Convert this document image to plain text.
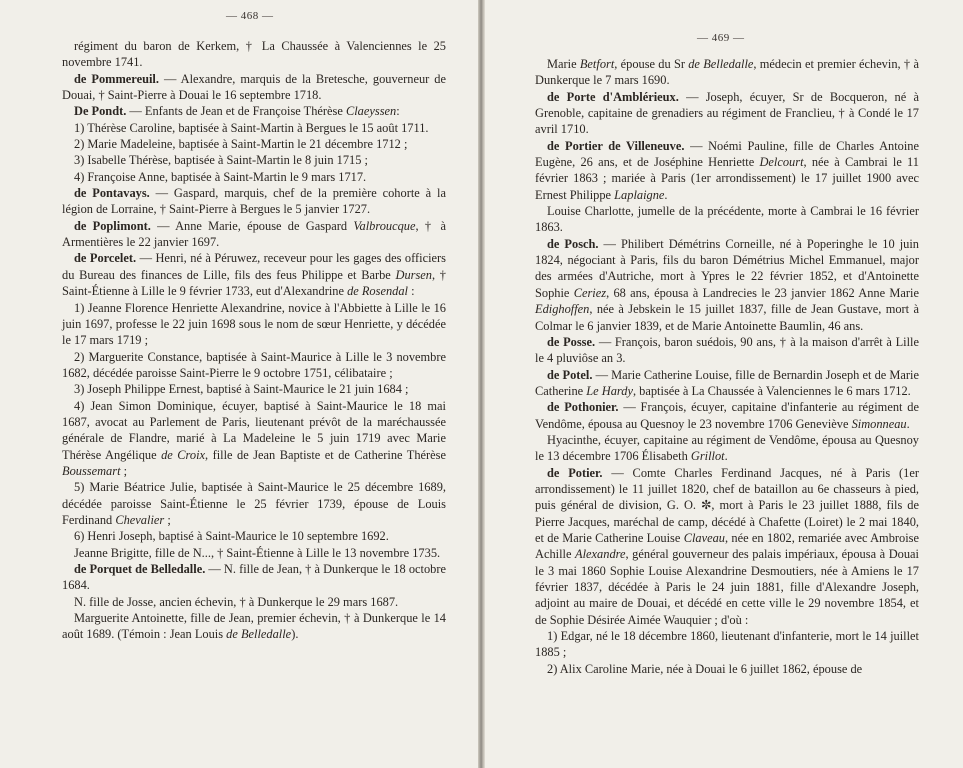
— 468 —

régiment du baron de Kerkem, † La Chaussée à Valenciennes le 25 novembre 1741.

de Pommereuil. — Alexandre, marquis de la Bretesche, gouverneur de Douai, † Saint-Pierre à Douai le 16 septembre 1718.

De Pondt. — Enfants de Jean et de Françoise Thérèse Claeyssen:

1) Thérèse Caroline, baptisée à Saint-Martin à Bergues le 15 août 1711.

2) Marie Madeleine, baptisée à Saint-Martin le 21 décembre 1712 ;

3) Isabelle Thérèse, baptisée à Saint-Martin le 8 juin 1715 ;

4) Françoise Anne, baptisée à Saint-Martin le 9 mars 1717.

de Pontavays. — Gaspard, marquis, chef de la première cohorte à la légion de Lorraine, † Saint-Pierre à Bergues le 5 janvier 1727.

de Poplimont. — Anne Marie, épouse de Gaspard Valbroucque, † à Armentières le 22 janvier 1697.

de Porcelet. — Henri, né à Péruwez, receveur pour les gages des officiers du Bureau des finances de Lille, fils des feus Philippe et Barbe Dursen, † Saint-Étienne à Lille le 9 février 1733, eut d'Alexandrine de Rosendal :

1) Jeanne Florence Henriette Alexandrine, novice à l'Abbiette à Lille le 16 juin 1697, professe le 22 juin 1698 sous le nom de sœur Henriette, y décédée le 17 mars 1719 ;

2) Marguerite Constance, baptisée à Saint-Maurice à Lille le 3 novembre 1682, décédée paroisse Saint-Pierre le 9 octobre 1751, célibataire ;

3) Joseph Philippe Ernest, baptisé à Saint-Maurice le 21 juin 1684 ;

4) Jean Simon Dominique, écuyer, baptisé à Saint-Maurice le 18 mai 1687, avocat au Parlement de Paris, lieutenant prévôt de la maréchaussée générale de Flandre, marié à La Madeleine le 5 juin 1719 avec Marie Thérèse Angélique de Croix, fille de Jean Baptiste et de Catherine Thérèse Boussemart ;

5) Marie Béatrice Julie, baptisée à Saint-Maurice le 25 décembre 1689, décédée paroisse Saint-Étienne le 25 février 1739, épouse de Louis Ferdinand Chevalier ;

6) Henri Joseph, baptisé à Saint-Maurice le 10 septembre 1692.

Jeanne Brigitte, fille de N..., † Saint-Étienne à Lille le 13 novembre 1735.

de Porquet de Belledalle. — N. fille de Jean, † à Dunkerque le 18 octobre 1684.

N. fille de Josse, ancien échevin, † à Dunkerque le 29 mars 1687.

Marguerite Antoinette, fille de Jean, premier échevin, † à Dunkerque le 14 août 1689. (Témoin : Jean Louis de Belledalle).

— 469 —

Marie Betfort, épouse du Sr de Belledalle, médecin et premier échevin, † à Dunkerque le 7 mars 1690.

de Porte d'Amblérieux. — Joseph, écuyer, Sr de Bocqueron, né à Grenoble, capitaine de grenadiers au régiment de Franclieu, † à Condé le 17 avril 1710.

de Portier de Villeneuve. — Noémi Pauline, fille de Charles Antoine Eugène, 26 ans, et de Joséphine Henriette Delcourt, née à Cambrai le 11 février 1863 ; mariée à Paris (1er arrondissement) le 17 juillet 1900 avec Ernest Philippe Laplaigne.

Louise Charlotte, jumelle de la précédente, morte à Cambrai le 16 février 1863.

de Posch. — Philibert Démétrins Corneille, né à Poperinghe le 10 juin 1824, négociant à Paris, fils du baron Démétrius Michel Emmanuel, major des armées d'Autriche, mort à Ypres le 22 février 1852, et d'Antoinette Sophie Ceriez, 68 ans, épousa à Landrecies le 23 janvier 1862 Anne Marie Edighoffen, née à Jebskein le 15 juillet 1837, fille de Jean Gustave, mort à Colmar le 6 janvier 1839, et de Marie Antoinette Baumlin, 46 ans.

de Posse. — François, baron suédois, 90 ans, † à la maison d'arrêt à Lille le 4 pluviôse an 3.

de Potel. — Marie Catherine Louise, fille de Bernardin Joseph et de Marie Catherine Le Hardy, baptisée à La Chaussée à Valenciennes le 6 mars 1712.

de Pothonier. — François, écuyer, capitaine d'infanterie au régiment de Vendôme, épousa au Quesnoy le 23 novembre 1706 Geneviève Simonneau.

Hyacinthe, écuyer, capitaine au régiment de Vendôme, épousa au Quesnoy le 13 décembre 1706 Élisabeth Grillot.

de Potier. — Comte Charles Ferdinand Jacques, né à Paris (1er arrondissement) le 11 juillet 1820, chef de bataillon au 6e chasseurs à pied, puis général de division, G. O. ✼, mort à Paris le 23 juillet 1888, fils de Pierre Jacques, maréchal de camp, décédé à Chafette (Loiret) le 2 mai 1840, et de Marie Catherine Louise Claveau, née en 1802, remariée avec Ambroise Achille Alexandre, général gouverneur des palais impériaux, épousa à Douai le 3 mai 1860 Sophie Louise Alexandrine Desmoutiers, née à Amiens le 17 février 1837, décédée à Paris le 24 juin 1881, fille d'Alexandre Joseph, adjoint au maire de Douai, et décédé en cette ville le 29 novembre 1854, et de Sophie Désirée Aimée Wauquier ; d'où :

1) Edgar, né le 18 décembre 1860, lieutenant d'infanterie, mort le 14 juillet 1885 ;

2) Alix Caroline Marie, née à Douai le 6 juillet 1862, épouse de
